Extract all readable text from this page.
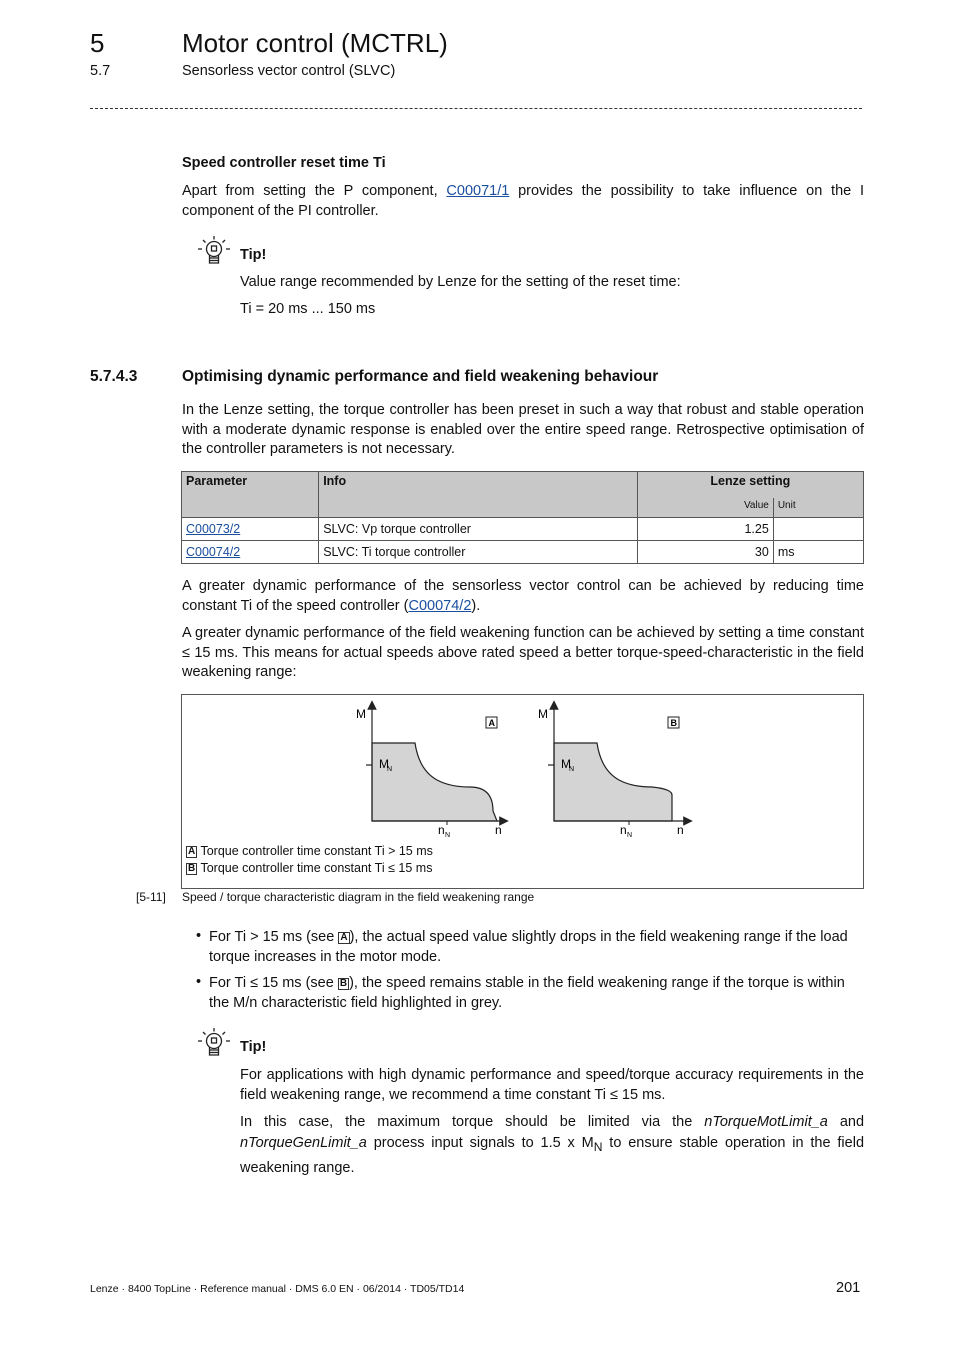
5	Motor control (MCTRL)
5.7	Sensorless vector control (SLVC)
Speed controller reset time Ti
Apart from setting the P component, C00071/1 provides the possibility to take influence on the I component of the PI controller.
Tip!
Value range recommended by Lenze for the setting of the reset time:
Ti = 20 ms ... 150 ms
5.7.4.3	Optimising dynamic performance and field weakening behaviour
In the Lenze setting, the torque controller has been preset in such a way that robust and stable operation with a moderate dynamic response is enabled over the entire speed range. Retrospective optimisation of the controller parameters is not necessary.
Parameter	Info	Lenze setting	
		Value	Unit
C00073/2	SLVC: Vp torque controller	1.25	
C00074/2	SLVC: Ti torque controller	30	ms
A greater dynamic performance of the sensorless vector control can be achieved by reducing time constant Ti of the speed controller (C00074/2).
A greater dynamic performance of the field weakening function can be achieved by setting a time constant ≤ 15 ms. This means for actual speeds above rated speed a better torque-speed-characteristic in the field weakening range:
M
M
N
n N	n
A
M
M
N
n N	n
B
A Torque controller time constant Ti > 15 ms
B Torque controller time constant Ti ≤ 15 ms
[5-11] Speed / torque characteristic diagram in the field weakening range
• For Ti > 15 ms (see A ), the actual speed value slightly drops in the field weakening range if the load torque increases in the motor mode.
• For Ti ≤ 15 ms (see B ), the speed remains stable in the field weakening range if the torque is within the M/n characteristic field highlighted in grey.
Tip!
For applications with high dynamic performance and speed/torque accuracy requirements in the field weakening range, we recommend a time constant Ti ≤ 15 ms.
In this case, the maximum torque should be limited via the nTorqueMotLimit_a and nTorqueGenLimit_a process input signals to 1.5 x $M_N$ to ensure stable operation in the field weakening range.
Lenze · 8400 TopLine · Reference manual · DMS 6.0 EN · 06/2014 · TD05/TD14	201
